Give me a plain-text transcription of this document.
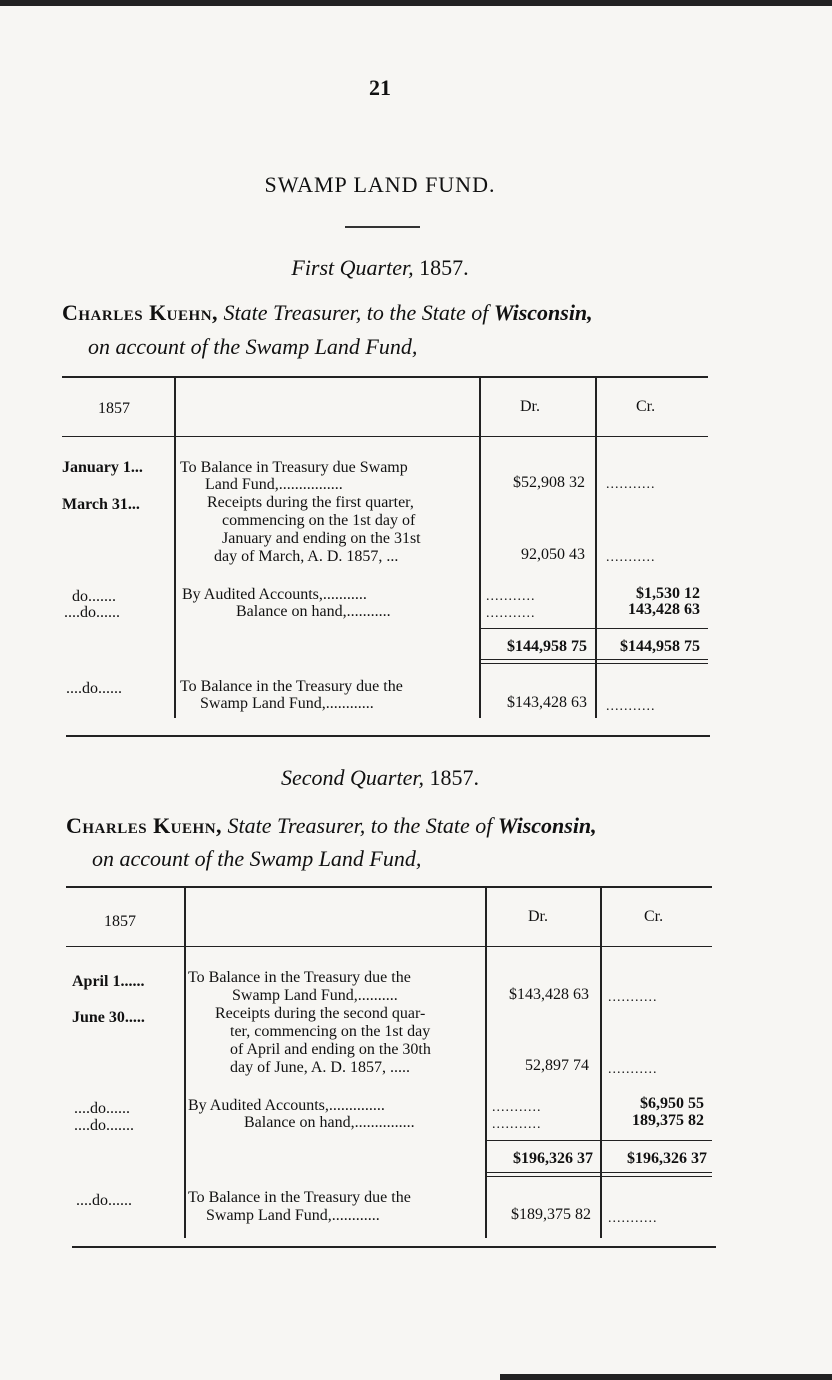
21
SWAMP LAND FUND.
First Quarter, 1857.
Charles Kuehn, State Treasurer, to the State of Wisconsin,
on account of the Swamp Land Fund,
1857	Dr.	Cr.
January 1... To Balance in Treasury due Swamp
Land Fund,................	$52,908 32 ...........
March 31...	Receipts during the first quarter,
commencing on the 1st day of
January and ending on the 31st
day of March, A. D. 1857, ...	92,050 43 ...........
do.......	By Audited Accounts,...........	...........	$1,530 12
....do......	Balance on hand,...........	...........	143,428 63
$144,958 75	$144,958 75
....do......	To Balance in the Treasury due the
Swamp Land Fund,............	$143,428 63 ...........
Second Quarter, 1857.
Charles Kuehn, State Treasurer, to the State of Wisconsin,
on account of the Swamp Land Fund,
1857	Dr.	Cr.
April 1......	To Balance in the Treasury due the
Swamp Land Fund,..........	$143,428 63 ...........
June 30.....	Receipts during the second quar-
ter, commencing on the 1st day
of April and ending on the 30th
day of June, A. D. 1857, .....	52,897 74 ...........
....do......	By Audited Accounts,..............	...........	$6,950 55
....do.......	Balance on hand,...............	...........	189,375 82
$196,326 37	$196,326 37
....do......	To Balance in the Treasury due the
Swamp Land Fund,............	$189,375 82 ...........
